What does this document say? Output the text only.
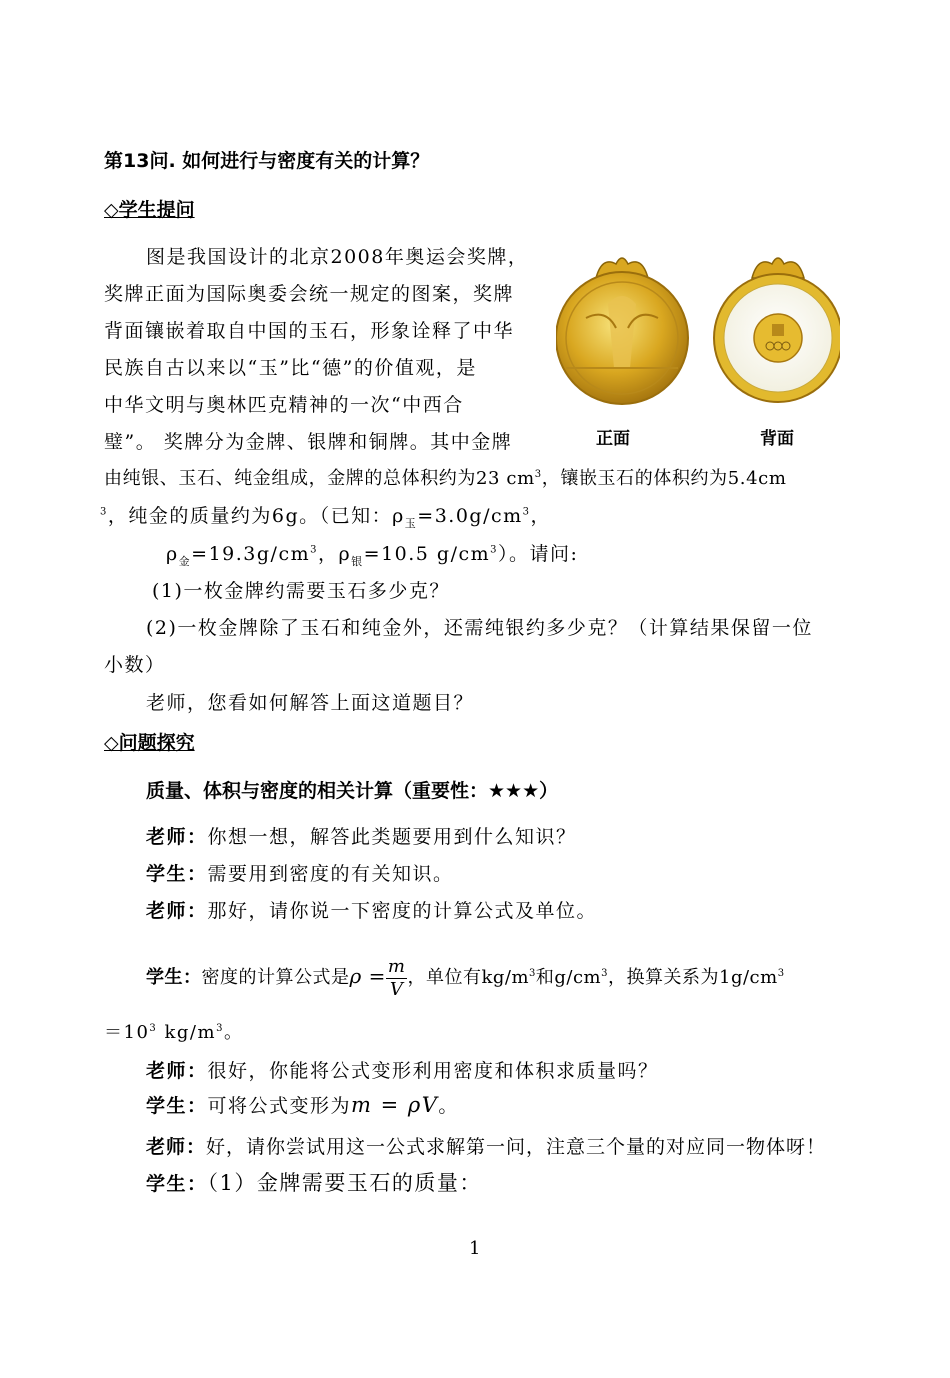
第13问. 如何进行与密度有关的计算？
◇学生提问
图是我国设计的北京2008年奥运会奖牌，
奖牌正面为国际奥委会统一规定的图案，奖牌
背面镶嵌着取自中国的玉石，形象诠释了中华
民族自古以来以“玉”比“德”的价值观，是
中华文明与奥林匹克精神的一次“中西合
璧”。 奖牌分为金牌、银牌和铜牌。其中金牌	正面	背面
由纯银、玉石、纯金组成，金牌的总体积约为23 $cm^3$，镶嵌玉石的体积约为5.4cm
$^3$，纯金的质量约为6g。（已知：$\rho_玉=3.0g/cm^3$，
$\rho_金=19.3g/cm^3$，$\rho_银=10.5$ $g/cm^3$）。请问:
(1)一枚金牌约需要玉石多少克？
(2)一枚金牌除了玉石和纯金外，还需纯银约多少克？（计算结果保留一位
小数）
老师，您看如何解答上面这道题目？
◇问题探究
质量、体积与密度的相关计算（重要性：★★★）
老师：你想一想，解答此类题要用到什么知识？
学生：需要用到密度的有关知识。
老师：那好，请你说一下密度的计算公式及单位。
学生：密度的计算公式是$\rho = \frac{m}{V}$ ，单位有$kg/m^3$和$g/cm^3$，换算关系为$1g/cm^3$
$=10^3$ $kg/m^3$。
老师：很好，你能将公式变形利用密度和体积求质量吗？
学生：可将公式变形为m = ρV。
老师：好，请你尝试用这一公式求解第一问，注意三个量的对应同一物体呀！
学生：（1）金牌需要玉石的质量：
1
